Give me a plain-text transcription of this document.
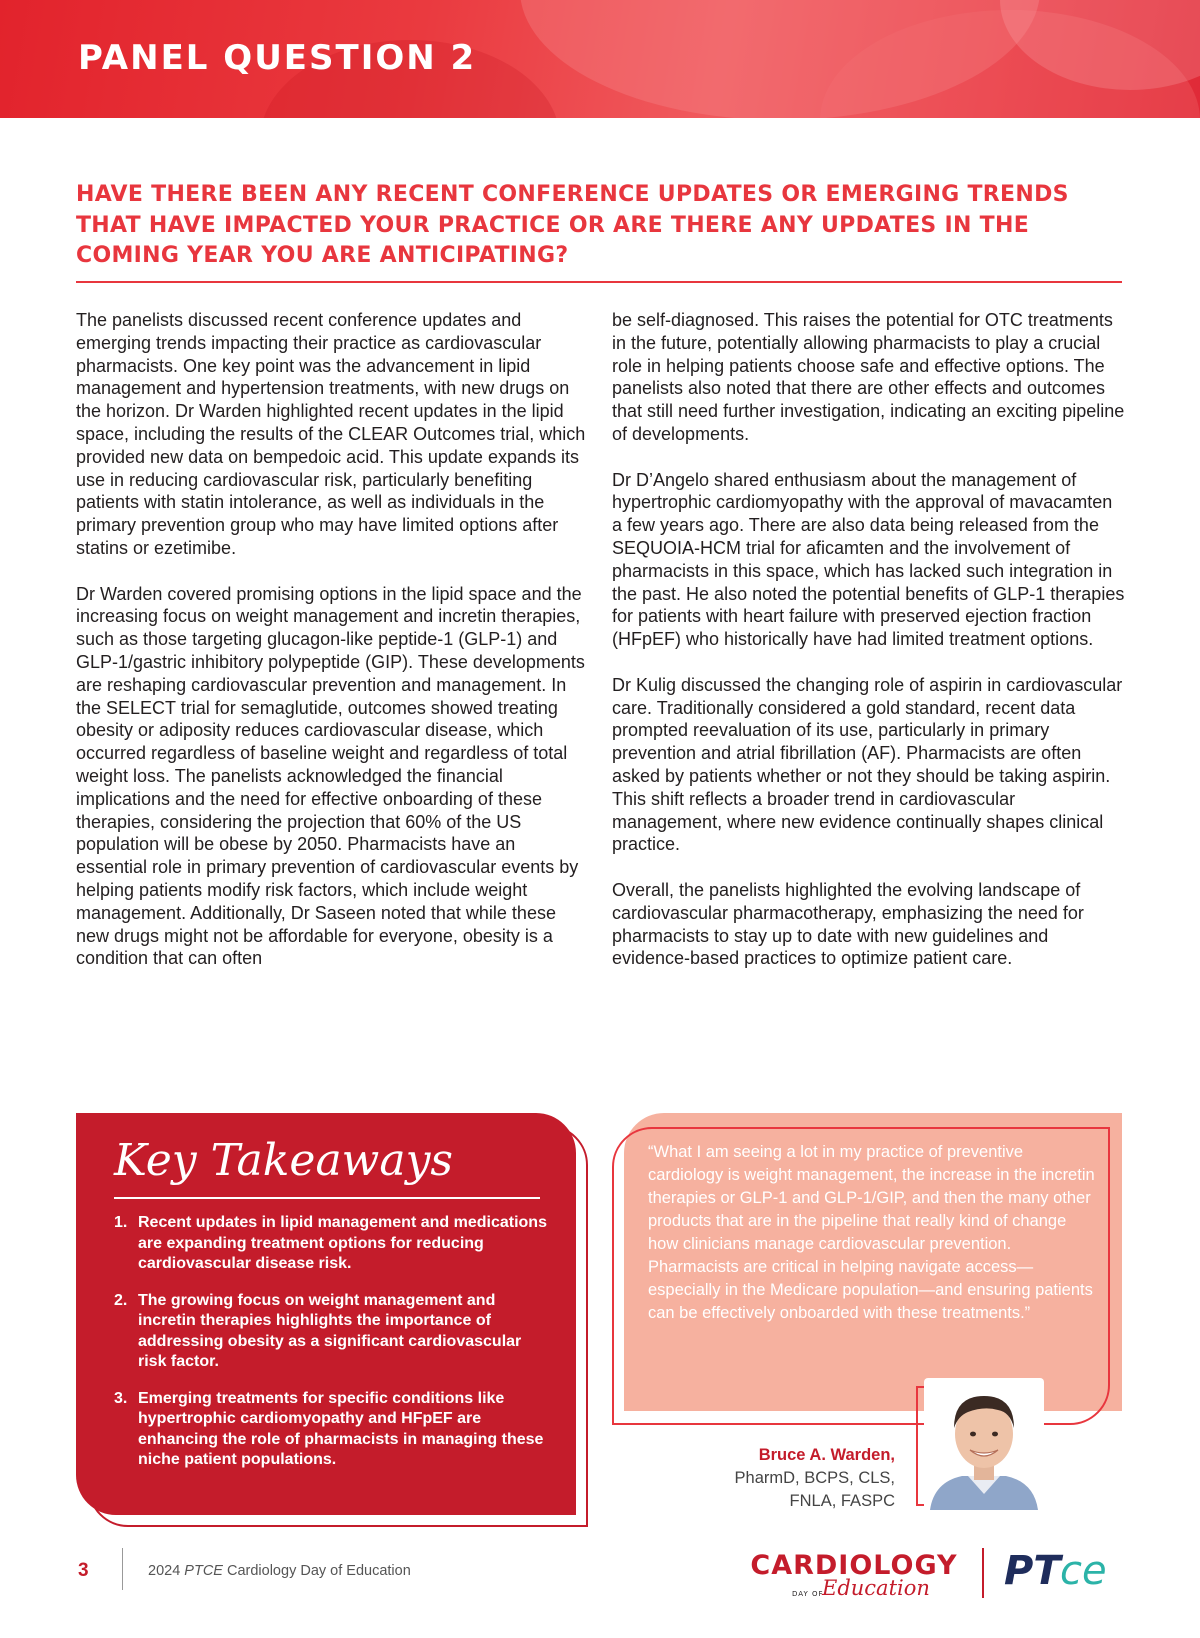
PANEL QUESTION 2
HAVE THERE BEEN ANY RECENT CONFERENCE UPDATES OR EMERGING TRENDS THAT HAVE IMPACTED YOUR PRACTICE OR ARE THERE ANY UPDATES IN THE COMING YEAR YOU ARE ANTICIPATING?

The panelists discussed recent conference updates and emerging trends impacting their practice as cardiovascular pharmacists. One key point was the advancement in lipid management and hypertension treatments, with new drugs on the horizon. Dr Warden highlighted recent updates in the lipid space, including the results of the CLEAR Outcomes trial, which provided new data on bempedoic acid. This update expands its use in reducing cardiovascular risk, particularly benefiting patients with statin intolerance, as well as individuals in the primary prevention group who may have limited options after statins or ezetimibe.

Dr Warden covered promising options in the lipid space and the increasing focus on weight management and incretin therapies, such as those targeting glucagon-like peptide-1 (GLP-1) and GLP-1/gastric inhibitory polypeptide (GIP). These developments are reshaping cardiovascular prevention and management. In the SELECT trial for semaglutide, outcomes showed treating obesity or adiposity reduces cardiovascular disease, which occurred regardless of baseline weight and regardless of total weight loss. The panelists acknowledged the financial implications and the need for effective onboarding of these therapies, considering the projection that 60% of the US population will be obese by 2050. Pharmacists have an essential role in primary prevention of cardiovascular events by helping patients modify risk factors, which include weight management. Additionally, Dr Saseen noted that while these new drugs might not be affordable for everyone, obesity is a condition that can often

be self-diagnosed. This raises the potential for OTC treatments in the future, potentially allowing pharmacists to play a crucial role in helping patients choose safe and effective options. The panelists also noted that there are other effects and outcomes that still need further investigation, indicating an exciting pipeline of developments.

Dr D’Angelo shared enthusiasm about the management of hypertrophic cardiomyopathy with the approval of mavacamten a few years ago. There are also data being released from the SEQUOIA-HCM trial for aficamten and the involvement of pharmacists in this space, which has lacked such integration in the past. He also noted the potential benefits of GLP-1 therapies for patients with heart failure with preserved ejection fraction (HFpEF) who historically have had limited treatment options.

Dr Kulig discussed the changing role of aspirin in cardiovascular care. Traditionally considered a gold standard, recent data prompted reevaluation of its use, particularly in primary prevention and atrial fibrillation (AF). Pharmacists are often asked by patients whether or not they should be taking aspirin. This shift reflects a broader trend in cardiovascular management, where new evidence continually shapes clinical practice.

Overall, the panelists highlighted the evolving landscape of cardiovascular pharmacotherapy, emphasizing the need for pharmacists to stay up to date with new guidelines and evidence-based practices to optimize patient care.

Key Takeaways
1. Recent updates in lipid management and medications are expanding treatment options for reducing cardiovascular disease risk.
2. The growing focus on weight management and incretin therapies highlights the importance of addressing obesity as a significant cardiovascular risk factor.
3. Emerging treatments for specific conditions like hypertrophic cardiomyopathy and HFpEF are enhancing the role of pharmacists in managing these niche patient populations.

“What I am seeing a lot in my practice of preventive cardiology is weight management, the increase in the incretin therapies or GLP-1 and GLP-1/GIP, and then the many other products that are in the pipeline that really kind of change how clinicians manage cardiovascular prevention. Pharmacists are critical in helping navigate access—especially in the Medicare population—and ensuring patients can be effectively onboarded with these treatments.”

Bruce A. Warden,
PharmD, BCPS, CLS,
FNLA, FASPC
3	2024 PTCE Cardiology Day of Education	CARDIOLOGY
DAY OF
Education PT ce
